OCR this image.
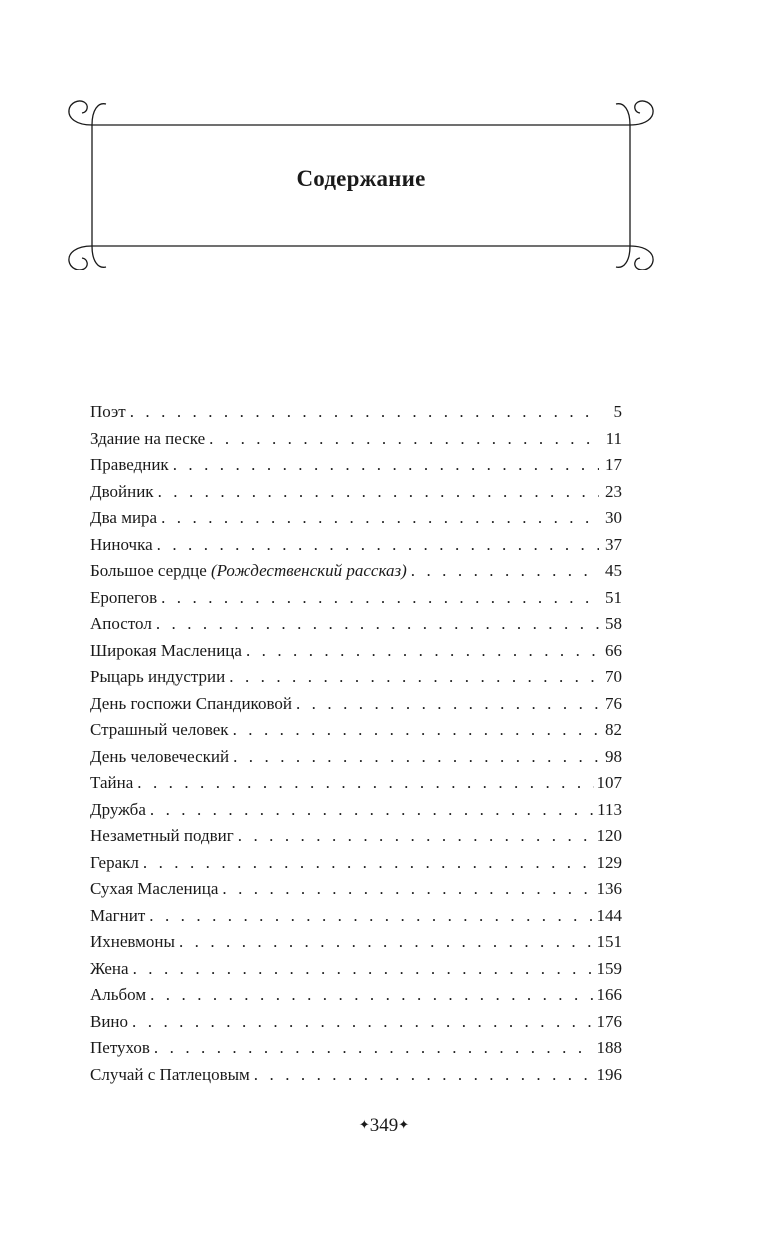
Содержание
Поэт . . .	5
Здание на песке . . .	11
Праведник . . .	17
Двойник . . .	23
Два мира . . .	30
Ниночка . . .	37
Большое сердце (Рождественский рассказ) . . .	45
Еропегов . . .	51
Апостол . . .	58
Широкая Масленица . . .	66
Рыцарь индустрии . . .	70
День госпожи Спандиковой . . .	76
Страшный человек . . .	82
День человеческий . . .	98
Тайна . . .	107
Дружба . . .	113
Незаметный подвиг . . .	120
Геракл . . .	129
Сухая Масленица . . .	136
Магнит . . .	144
Ихневмоны . . .	151
Жена . . .	159
Альбом . . .	166
Вино . . .	176
Петухов . . .	188
Случай с Патлецовым . . .	196
✦349✦
